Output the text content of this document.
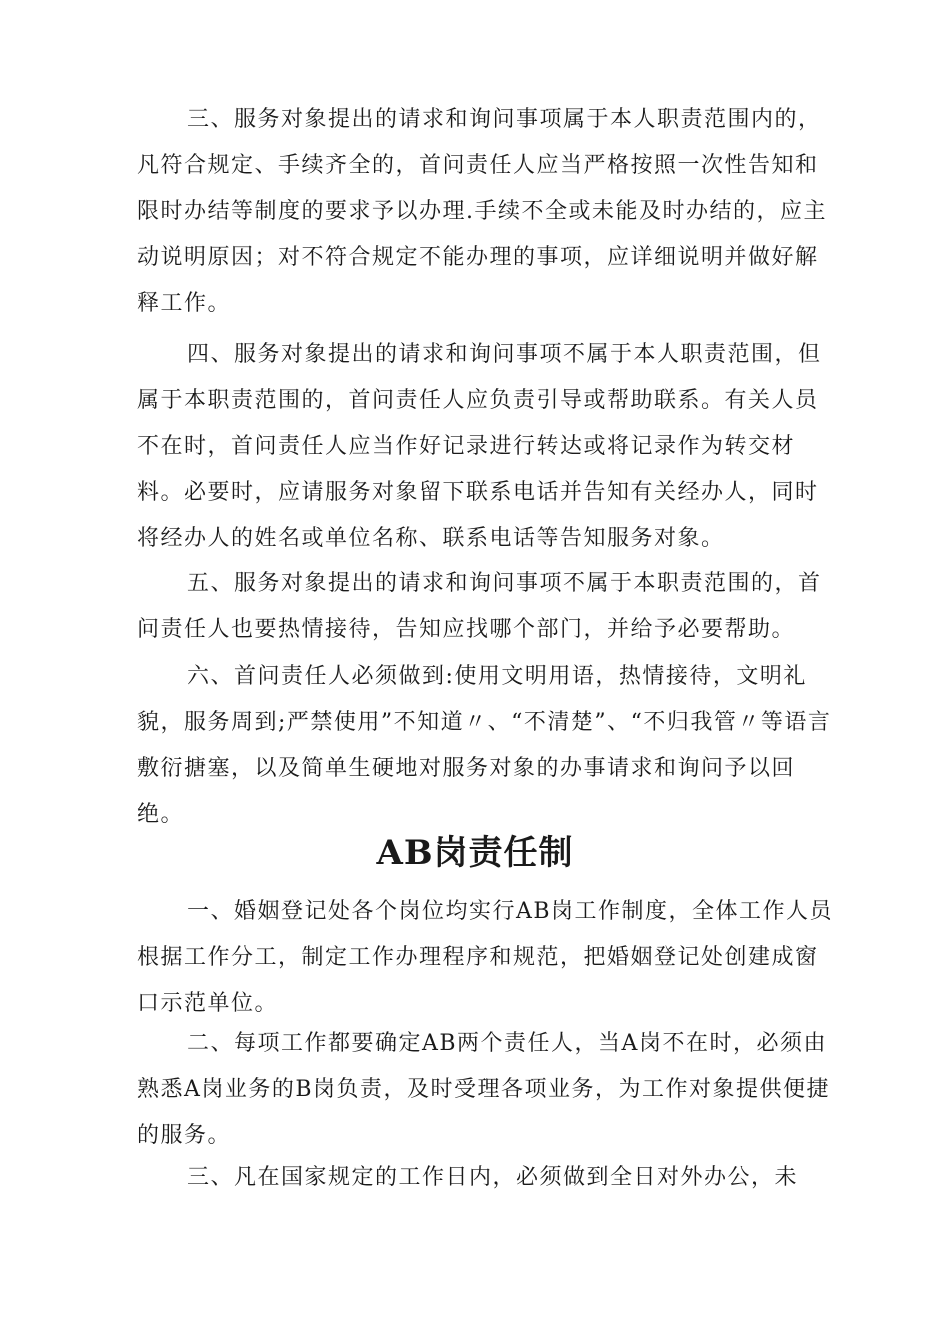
三、服务对象提出的请求和询问事项属于本人职责范围内的，凡符合规定、手续齐全的，首问责任人应当严格按照一次性告知和限时办结等制度的要求予以办理.手续不全或未能及时办结的，应主动说明原因；对不符合规定不能办理的事项，应详细说明并做好解释工作。

四、服务对象提出的请求和询问事项不属于本人职责范围，但属于本职责范围的，首问责任人应负责引导或帮助联系。有关人员不在时，首问责任人应当作好记录进行转达或将记录作为转交材料。必要时，应请服务对象留下联系电话并告知有关经办人，同时将经办人的姓名或单位名称、联系电话等告知服务对象。

五、服务对象提出的请求和询问事项不属于本职责范围的，首问责任人也要热情接待，告知应找哪个部门，并给予必要帮助。

六、首问责任人必须做到:使用文明用语，热情接待，文明礼貌，服务周到;严禁使用”不知道〃、“不清楚”、“不归我管〃等语言敷衍搪塞，以及简单生硬地对服务对象的办事请求和询问予以回绝。

AB岗责任制

一、婚姻登记处各个岗位均实行AB岗工作制度，全体工作人员根据工作分工，制定工作办理程序和规范，把婚姻登记处创建成窗口示范单位。

二、每项工作都要确定AB两个责任人，当A岗不在时，必须由熟悉A岗业务的B岗负责，及时受理各项业务，为工作对象提供便捷的服务。

三、凡在国家规定的工作日内，必须做到全日对外办公，未
